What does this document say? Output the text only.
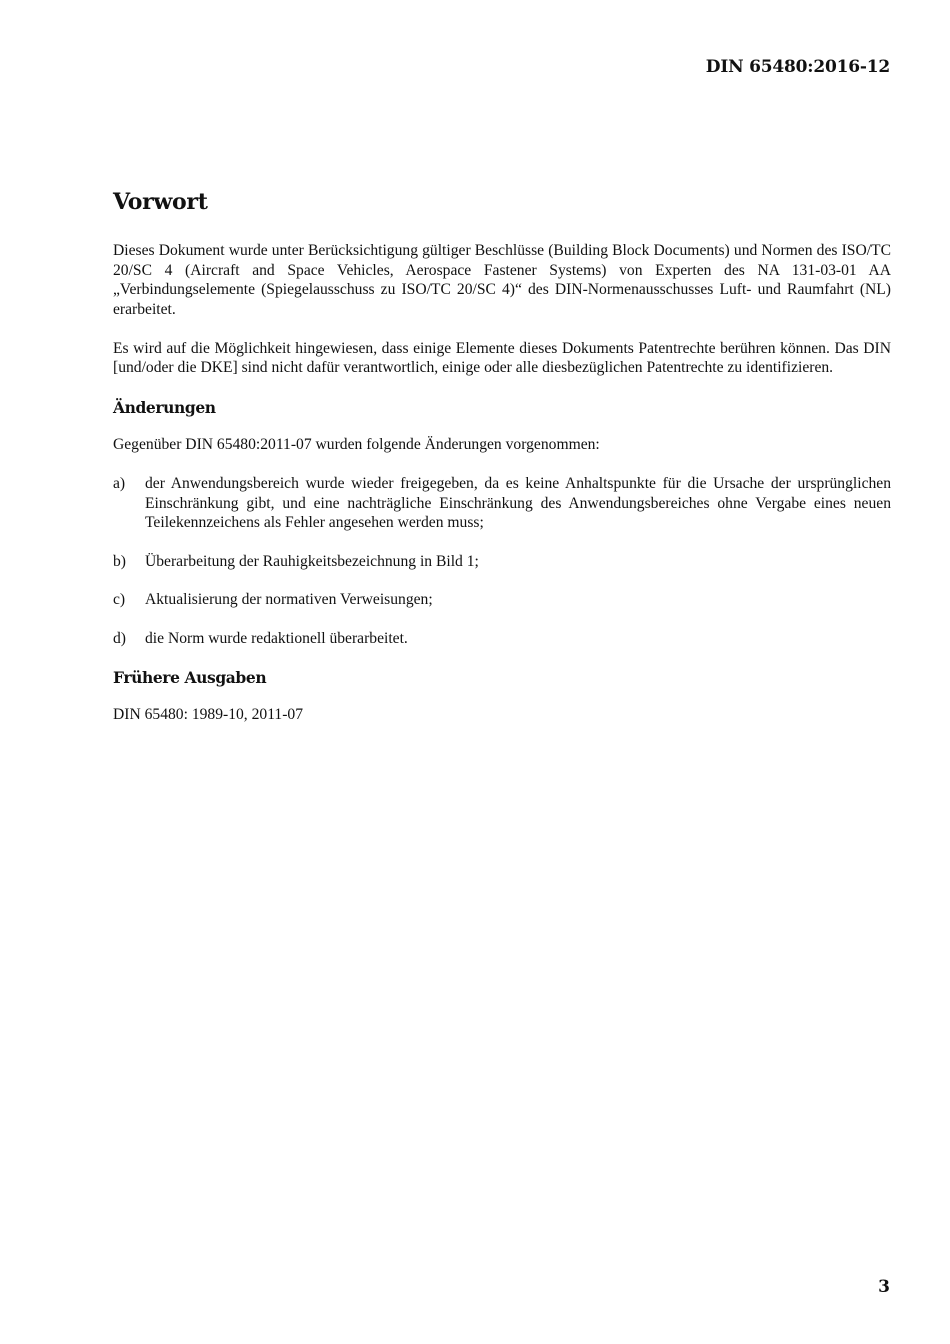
DIN 65480:2016-12

Vorwort

Dieses Dokument wurde unter Berücksichtigung gültiger Beschlüsse (Building Block Documents) und Normen des ISO/TC 20/SC 4 (Aircraft and Space Vehicles, Aerospace Fastener Systems) von Experten des NA 131-03-01 AA „Verbindungselemente (Spiegelausschuss zu ISO/TC 20/SC 4)“ des DIN-Normenausschusses Luft- und Raumfahrt (NL) erarbeitet.

Es wird auf die Möglichkeit hingewiesen, dass einige Elemente dieses Dokuments Patentrechte berühren können. Das DIN [und/oder die DKE] sind nicht dafür verantwortlich, einige oder alle diesbezüglichen Patentrechte zu identifizieren.

Änderungen

Gegenüber DIN 65480:2011-07 wurden folgende Änderungen vorgenommen:

a) der Anwendungsbereich wurde wieder freigegeben, da es keine Anhaltspunkte für die Ursache der ursprünglichen Einschränkung gibt, und eine nachträgliche Einschränkung des Anwendungsbereiches ohne Vergabe eines neuen Teilekennzeichens als Fehler angesehen werden muss;
b) Überarbeitung der Rauhigkeitsbezeichnung in Bild 1;
c) Aktualisierung der normativen Verweisungen;
d) die Norm wurde redaktionell überarbeitet.
Frühere Ausgaben

DIN 65480: 1989-10, 2011-07

3
